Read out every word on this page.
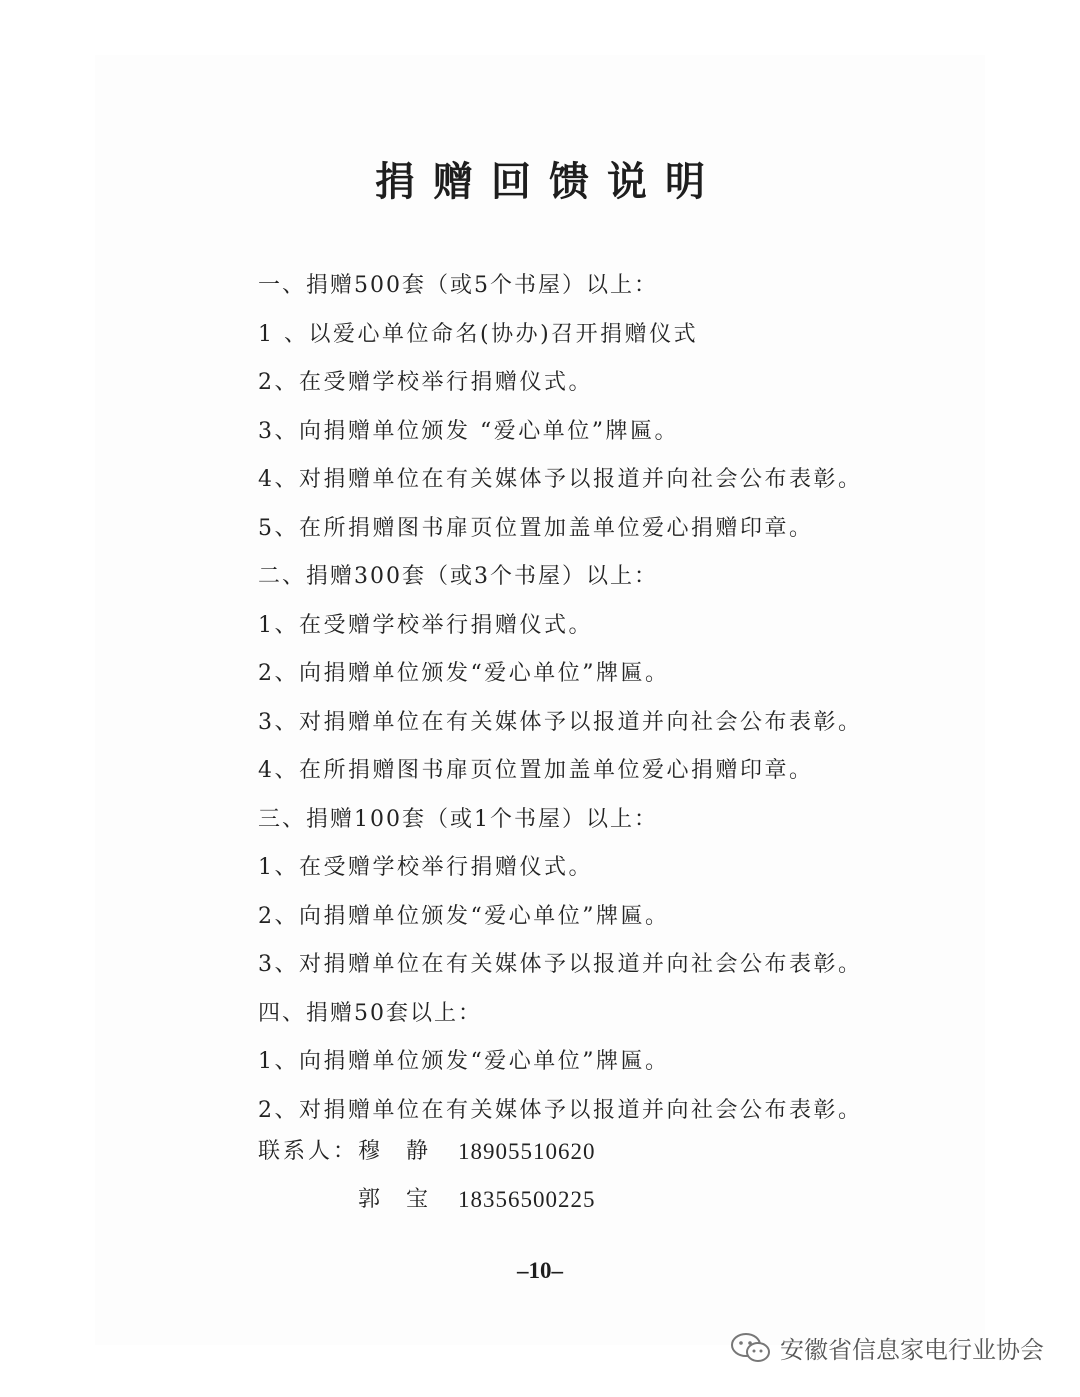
捐赠回馈说明
一、捐赠500套（或5个书屋）以上：
1 、以爱心单位命名(协办)召开捐赠仪式
2、在受赠学校举行捐赠仪式。
3、向捐赠单位颁发 “爱心单位”牌匾。
4、对捐赠单位在有关媒体予以报道并向社会公布表彰。
5、在所捐赠图书扉页位置加盖单位爱心捐赠印章。
二、捐赠300套（或3个书屋）以上：
1、在受赠学校举行捐赠仪式。
2、向捐赠单位颁发“爱心单位”牌匾。
3、对捐赠单位在有关媒体予以报道并向社会公布表彰。
4、在所捐赠图书扉页位置加盖单位爱心捐赠印章。
三、捐赠100套（或1个书屋）以上：
1、在受赠学校举行捐赠仪式。
2、向捐赠单位颁发“爱心单位”牌匾。
3、对捐赠单位在有关媒体予以报道并向社会公布表彰。
四、捐赠50套以上：
1、向捐赠单位颁发“爱心单位”牌匾。
2、对捐赠单位在有关媒体予以报道并向社会公布表彰。
联系人： 穆静 18905510620
郭宝 18356500225
–10–
安徽省信息家电行业协会
